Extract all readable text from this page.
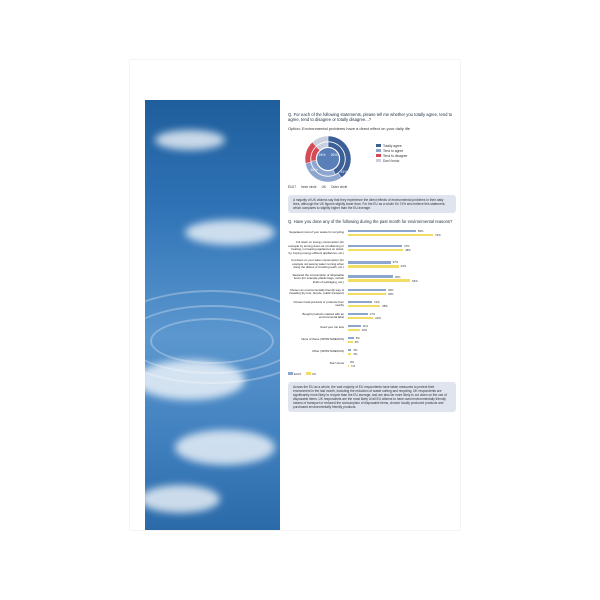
Q. For each of the following statements, please tell me whether you totally agree, tend to agree, tend to disagree or totally disagree...?

Option: Environmental problems have a direct effect on your daily life

24% 26%
41%
40%
Totally agree
Tend to agree
Tend to disagree
Don't know
EU27 Inner circle UK Outer circle
A majority of UK citizens say that they experience the direct effects of environmental problems in their daily lives, although the UK figures slightly lower than. For the EU as a whole it's 74% who believe this statement, which compares to slightly higher than the EU average.

Q. Have you done any of the following during the past month for environmental reasons?

Separated most of your waste for recycling	59%
74%
Cut down on energy consumption (for example by turning down air conditioning or heating, not leaving appliances on stand-by, buying energy-efficient appliances, etc.)
47%
48%
Cut down on your water consumption (for example not leaving water running when doing the dishes or brushing teeth, etc.)
37%
44%
Reduced the consumption of disposable items (for example plastic bags, certain kinds of packaging, etc.)
39%
54%
Chosen an environmentally friendly way of travelling (by foot, bicycle, public transport)
33%
33%
Chosen local products or products from nearby
21%
28%
Bought products marked with an environmental label
17%
22%
Used your car less	11%
10%
None of these (SPONTANEOUS)	5%
4%
Other (SPONTANEOUS)	3%
3%
Don't know	0%
1%
EU27	UK
Across the EU as a whole, the vast majority of EU respondents have taken measures to protect their environment in the last month, including the reduction of waste sorting and recycling. UK respondents are significantly more likely to recycle than the EU average, and are also far more likely to cut down on the use of disposable items. UK respondents are the most likely of all EU citizens to have used environmentally friendly means of transport or reduced the consumption of disposable items, chosen locally produced products and purchased environmentally friendly products.
